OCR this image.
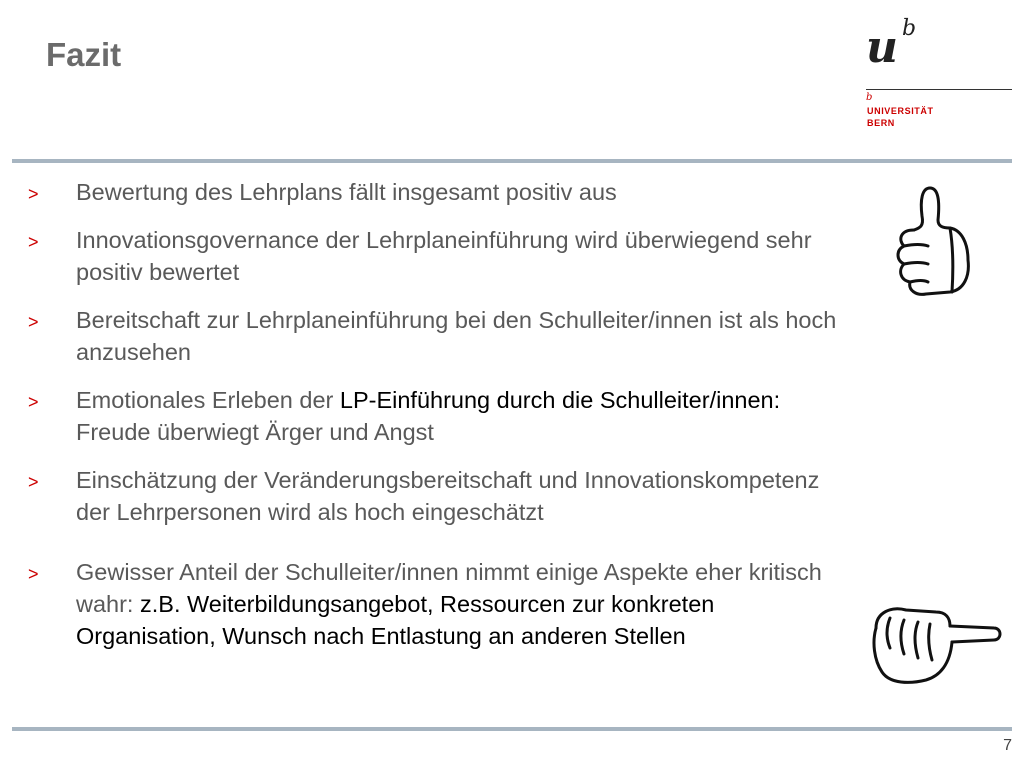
Fazit	u b
b
UNIVERSITÄT
BERN
> Bewertung des Lehrplans fällt insgesamt positiv aus
> Innovationsgovernance der Lehrplaneinführung wird überwiegend sehr positiv bewertet
> Bereitschaft zur Lehrplaneinführung bei den Schulleiter/innen ist als hoch anzusehen
> Emotionales Erleben der LP-Einführung durch die Schulleiter/innen: Freude überwiegt Ärger und Angst
> Einschätzung der Veränderungsbereitschaft und Innovationskompetenz der Lehrpersonen wird als hoch eingeschätzt
> Gewisser Anteil der Schulleiter/innen nimmt einige Aspekte eher kritisch wahr: z.B. Weiterbildungsangebot, Ressourcen zur konkreten Organisation, Wunsch nach Entlastung an anderen Stellen
7
